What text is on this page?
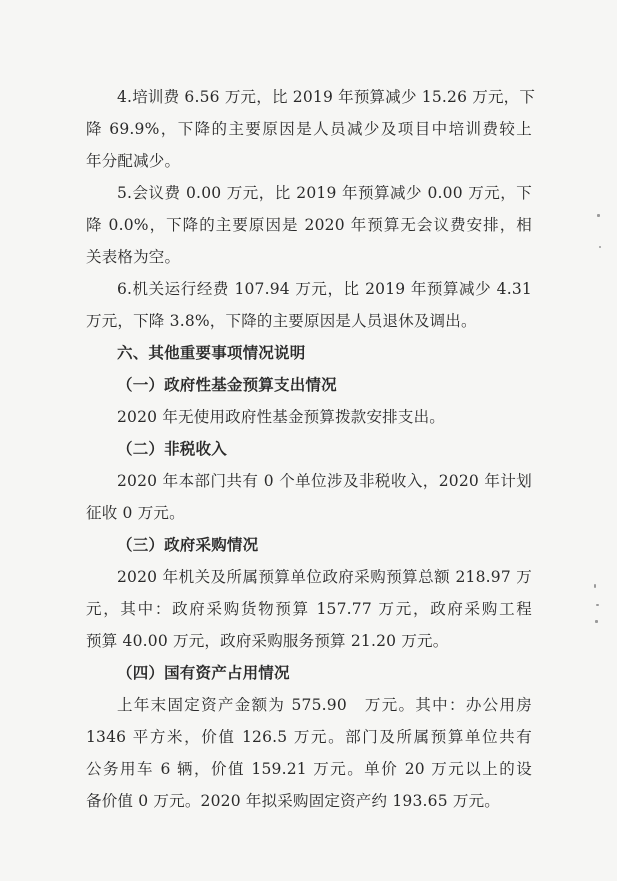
4.培训费 6.56 万元，比 2019 年预算减少 15.26 万元，下
降 69.9%，下降的主要原因是人员减少及项目中培训费较上
年分配减少。
5.会议费 0.00 万元，比 2019 年预算减少 0.00 万元，下
降 0.0%，下降的主要原因是 2020 年预算无会议费安排，相
关表格为空。
6.机关运行经费 107.94 万元，比 2019 年预算减少 4.31
万元，下降 3.8%，下降的主要原因是人员退休及调出。
六、其他重要事项情况说明
（一）政府性基金预算支出情况
2020 年无使用政府性基金预算拨款安排支出。
（二）非税收入
2020 年本部门共有 0 个单位涉及非税收入，2020 年计划
征收 0 万元。
（三）政府采购情况
2020 年机关及所属预算单位政府采购预算总额 218.97 万
元，其中：政府采购货物预算 157.77 万元，政府采购工程
预算 40.00 万元，政府采购服务预算 21.20 万元。
（四）国有资产占用情况
上年末固定资产金额为 575.90　万元。其中：办公用房
1346 平方米，价值 126.5 万元。部门及所属预算单位共有
公务用车 6 辆，价值 159.21 万元。单价 20 万元以上的设
备价值 0 万元。2020 年拟采购固定资产约 193.65 万元。
